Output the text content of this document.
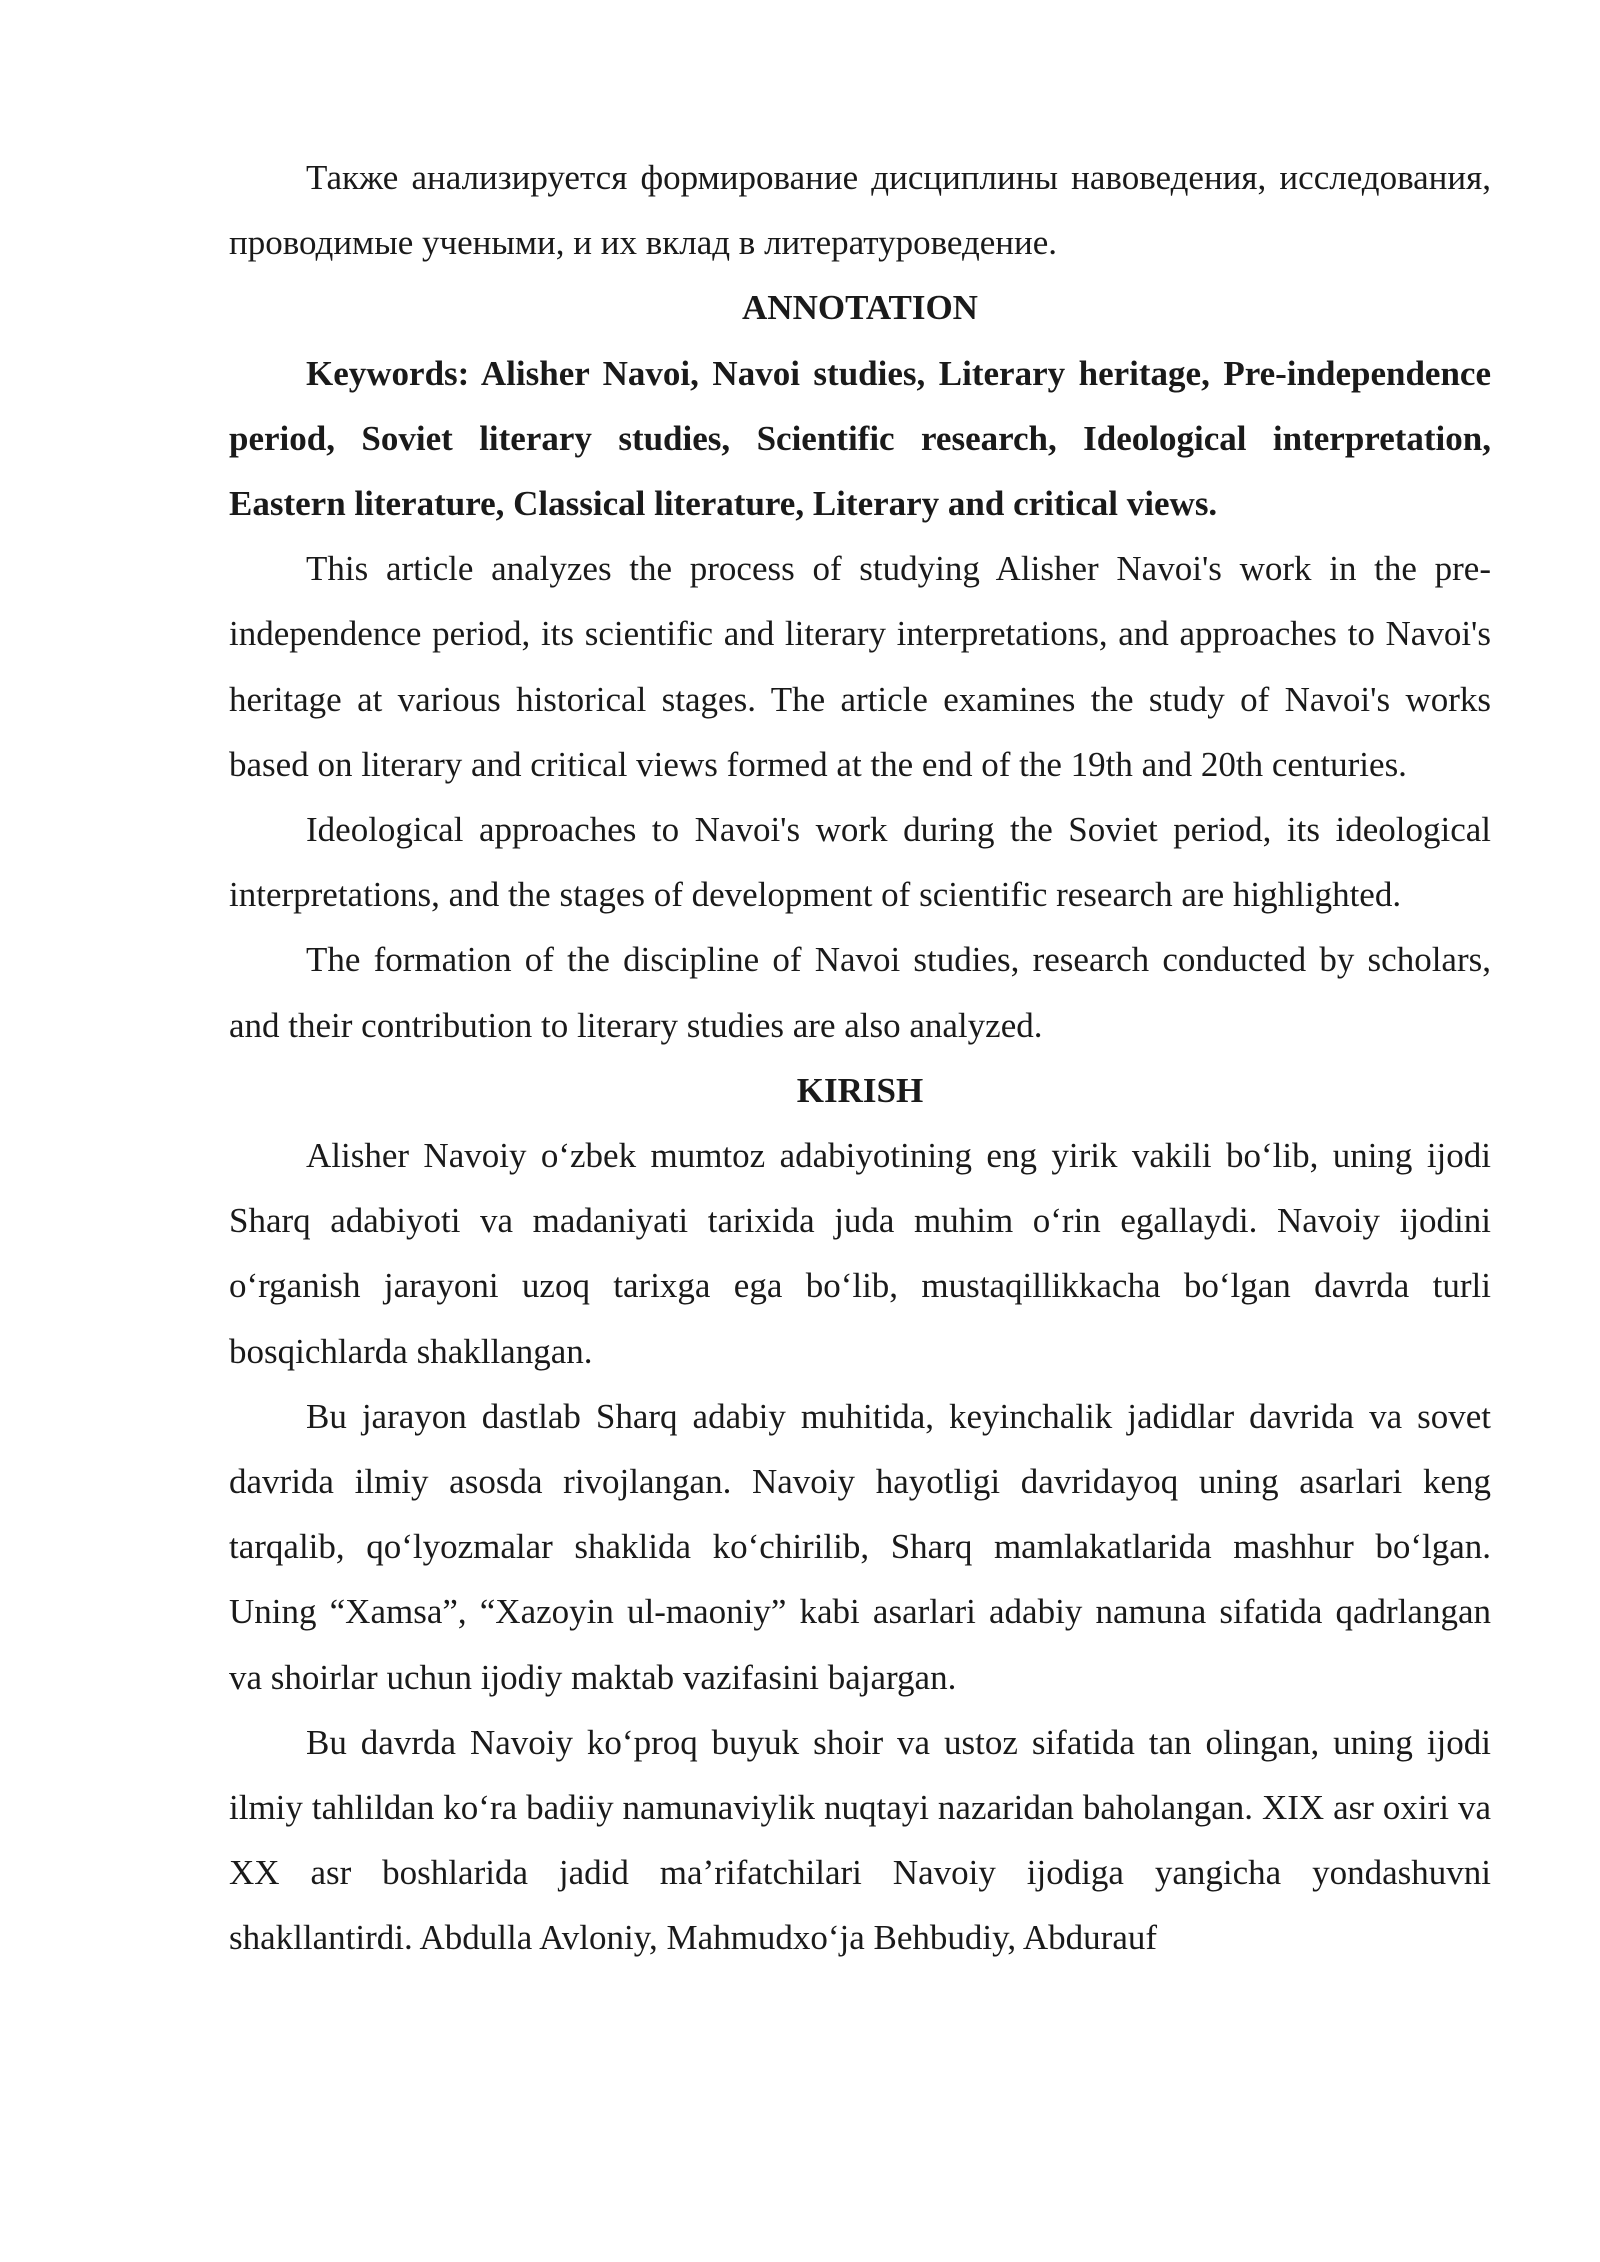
Также анализируется формирование дисциплины навоведения, исследования, проводимые учеными, и их вклад в литературоведение.

ANNOTATION

Keywords: Alisher Navoi, Navoi studies, Literary heritage, Pre-independence period, Soviet literary studies, Scientific research, Ideological interpretation, Eastern literature, Classical literature, Literary and critical views.

This article analyzes the process of studying Alisher Navoi's work in the pre-independence period, its scientific and literary interpretations, and approaches to Navoi's heritage at various historical stages. The article examines the study of Navoi's works based on literary and critical views formed at the end of the 19th and 20th centuries.

Ideological approaches to Navoi's work during the Soviet period, its ideological interpretations, and the stages of development of scientific research are highlighted.

The formation of the discipline of Navoi studies, research conducted by scholars, and their contribution to literary studies are also analyzed.

KIRISH

Alisher Navoiy oʻzbek mumtoz adabiyotining eng yirik vakili boʻlib, uning ijodi Sharq adabiyoti va madaniyati tarixida juda muhim oʻrin egallaydi. Navoiy ijodini oʻrganish jarayoni uzoq tarixga ega boʻlib, mustaqillikkacha boʻlgan davrda turli bosqichlarda shakllangan.

Bu jarayon dastlab Sharq adabiy muhitida, keyinchalik jadidlar davrida va sovet davrida ilmiy asosda rivojlangan. Navoiy hayotligi davridayoq uning asarlari keng tarqalib, qoʻlyozmalar shaklida koʻchirilib, Sharq mamlakatlarida mashhur boʻlgan. Uning “Xamsa”, “Xazoyin ul-maoniy” kabi asarlari adabiy namuna sifatida qadrlangan va shoirlar uchun ijodiy maktab vazifasini bajargan.

Bu davrda Navoiy koʻproq buyuk shoir va ustoz sifatida tan olingan, uning ijodi ilmiy tahlildan koʻra badiiy namunaviylik nuqtayi nazaridan baholangan. XIX asr oxiri va XX asr boshlarida jadid maʼrifatchilari Navoiy ijodiga yangicha yondashuvni shakllantirdi. Abdulla Avloniy, Mahmudxoʻja Behbudiy, Abdurauf
